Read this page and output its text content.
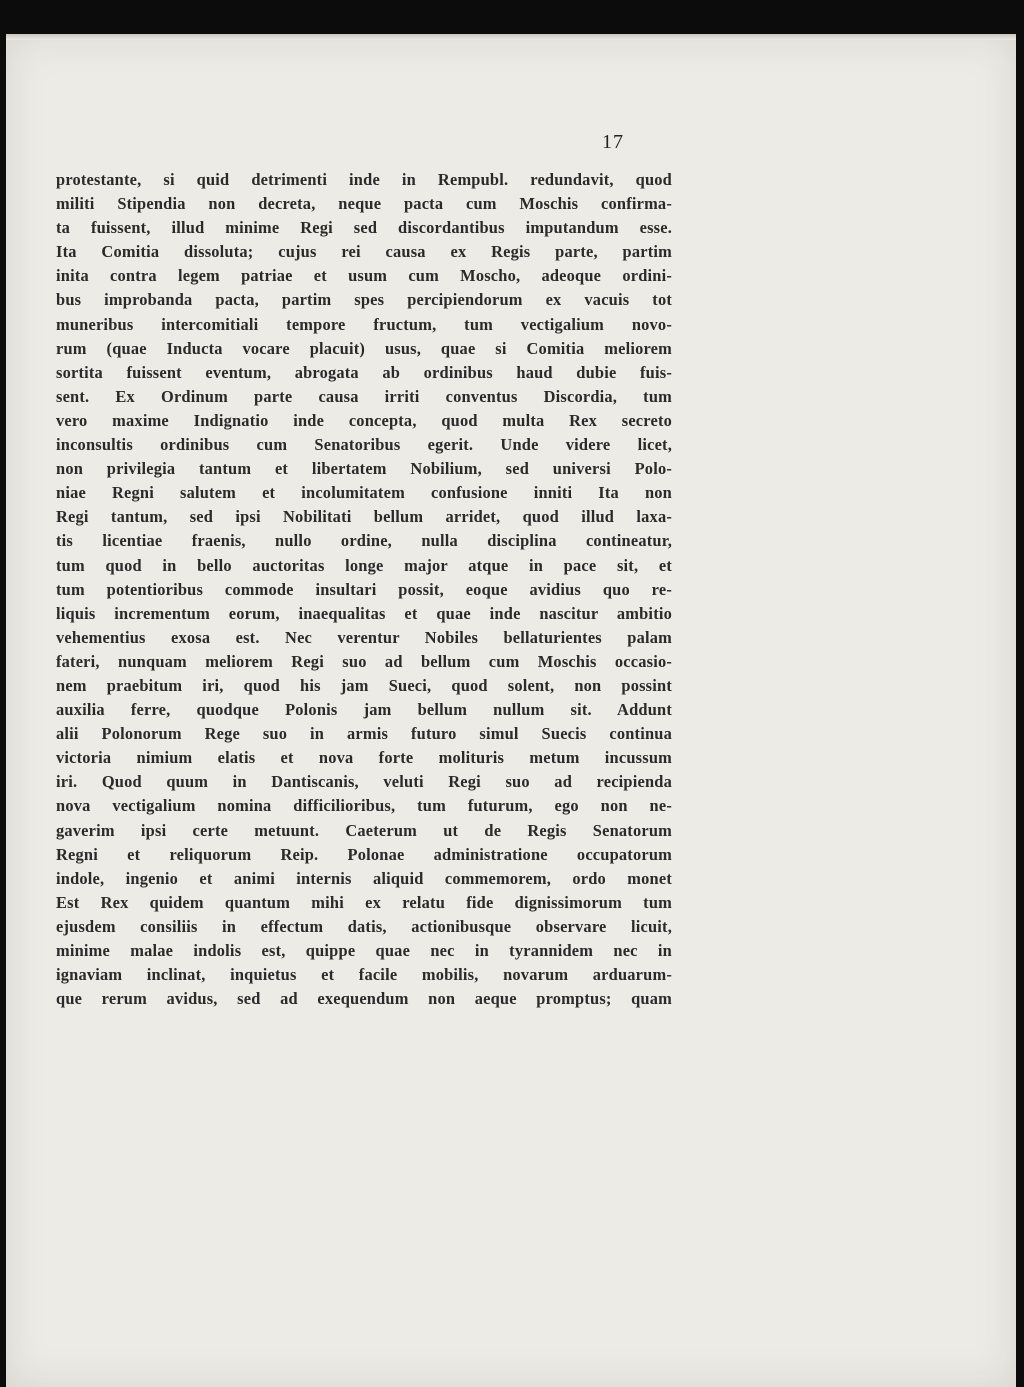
17
protestante, si quid detrimenti inde in Rempubl. redundavit, quod
militi Stipendia non decreta, neque pacta cum Moschis confirma-
ta fuissent, illud minime Regi sed discordantibus imputandum esse.
Ita Comitia dissoluta; cujus rei causa ex Regis parte, partim
inita contra legem patriae et usum cum Moscho, adeoque ordini-
bus improbanda pacta, partim spes percipiendorum ex vacuis tot
muneribus intercomitiali tempore fructum, tum vectigalium novo-
rum (quae Inducta vocare placuit) usus, quae si Comitia meliorem
sortita fuissent eventum, abrogata ab ordinibus haud dubie fuis-
sent. Ex Ordinum parte causa irriti conventus Discordia, tum
vero maxime Indignatio inde concepta, quod multa Rex secreto
inconsultis ordinibus cum Senatoribus egerit. Unde videre licet,
non privilegia tantum et libertatem Nobilium, sed universi Polo-
niae Regni salutem et incolumitatem confusione inniti Ita non
Regi tantum, sed ipsi Nobilitati bellum arridet, quod illud laxa-
tis licentiae fraenis, nullo ordine, nulla disciplina contineatur,
tum quod in bello auctoritas longe major atque in pace sit, et
tum potentioribus commode insultari possit, eoque avidius quo re-
liquis incrementum eorum, inaequalitas et quae inde nascitur ambitio
vehementius exosa est. Nec verentur Nobiles bellaturientes palam
fateri, nunquam meliorem Regi suo ad bellum cum Moschis occasio-
nem praebitum iri, quod his jam Sueci, quod solent, non possint
auxilia ferre, quodque Polonis jam bellum nullum sit. Addunt
alii Polonorum Rege suo in armis futuro simul Suecis continua
victoria nimium elatis et nova forte molituris metum incussum
iri. Quod quum in Dantiscanis, veluti Regi suo ad recipienda
nova vectigalium nomina difficilioribus, tum futurum, ego non ne-
gaverim ipsi certe metuunt. Caeterum ut de Regis Senatorum
Regni et reliquorum Reip. Polonae administratione occupatorum
indole, ingenio et animi internis aliquid commemorem, ordo monet
Est Rex quidem quantum mihi ex relatu fide dignissimorum tum
ejusdem consiliis in effectum datis, actionibusque observare licuit,
minime malae indolis est, quippe quae nec in tyrannidem nec in
ignaviam inclinat, inquietus et facile mobilis, novarum arduarum-
que rerum avidus, sed ad exequendum non aeque promptus; quam
